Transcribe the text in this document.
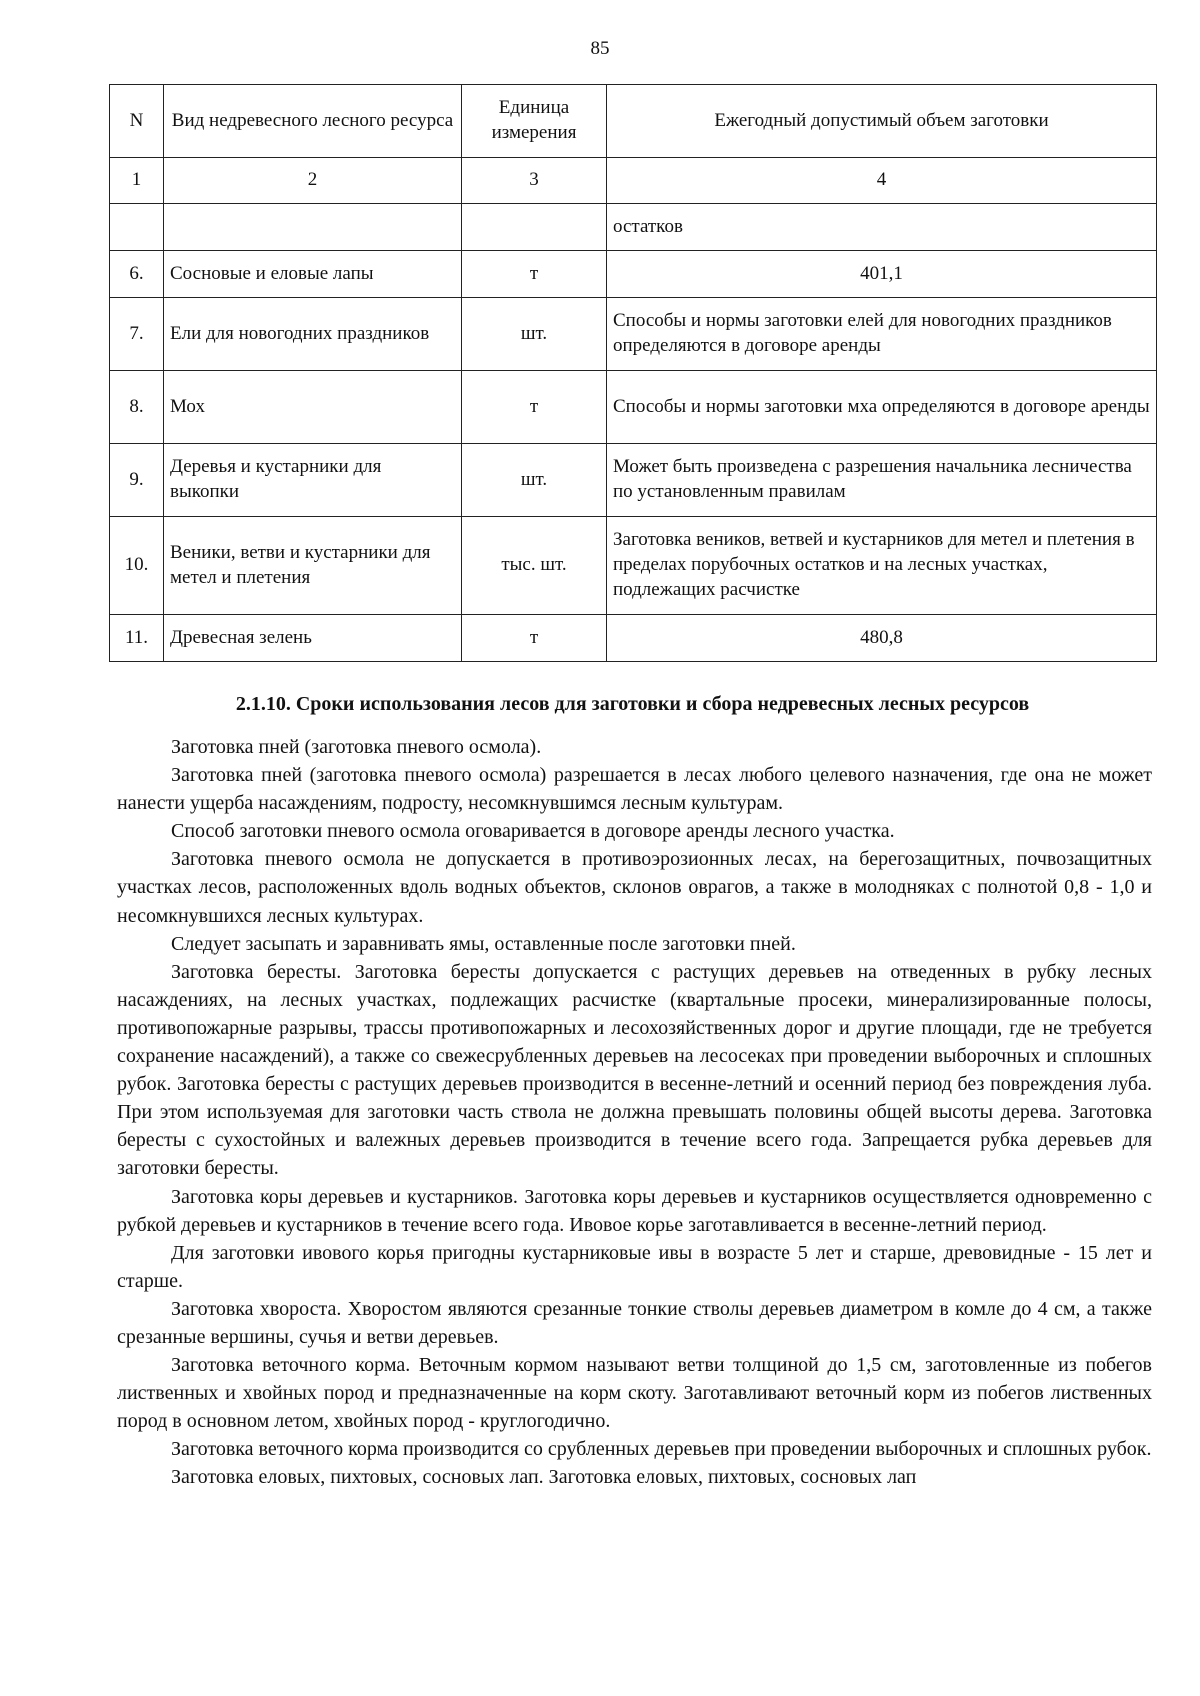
85
N	Вид недревесного лесного ресурса	Единица измерения	Ежегодный допустимый объем заготовки
1	2	3	4
			остатков
6.	Сосновые и еловые лапы	т	401,1
7.	Ели для новогодних праздников	шт.	Способы и нормы заготовки елей для новогодних праздников определяются в договоре аренды
8.	Мох	т	Способы и нормы заготовки мха определяются в договоре аренды
9.	Деревья и кустарники для выкопки	шт.	Может быть произведена с разрешения начальника лесничества по установленным правилам
10.	Веники, ветви и кустарники для метел и плетения	тыс. шт.	Заготовка веников, ветвей и кустарников для метел и плетения в пределах порубочных остатков и на лесных участках, подлежащих расчистке
11.	Древесная зелень	т	480,8
2.1.10. Сроки использования лесов для заготовки и сбора недревесных лесных ресурсов

Заготовка пней (заготовка пневого осмола).

Заготовка пней (заготовка пневого осмола) разрешается в лесах любого целевого назначения, где она не может нанести ущерба насаждениям, подросту, несомкнувшимся лесным культурам.

Способ заготовки пневого осмола оговаривается в договоре аренды лесного участка.

Заготовка пневого осмола не допускается в противоэрозионных лесах, на берегозащитных, почвозащитных участках лесов, расположенных вдоль водных объектов, склонов оврагов, а также в молодняках с полнотой 0,8 - 1,0 и несомкнувшихся лесных культурах.

Следует засыпать и заравнивать ямы, оставленные после заготовки пней.

Заготовка бересты. Заготовка бересты допускается с растущих деревьев на отведенных в рубку лесных насаждениях, на лесных участках, подлежащих расчистке (квартальные просеки, минерализированные полосы, противопожарные разрывы, трассы противопожарных и лесохозяйственных дорог и другие площади, где не требуется сохранение насаждений), а также со свежесрубленных деревьев на лесосеках при проведении выборочных и сплошных рубок. Заготовка бересты с растущих деревьев производится в весенне-летний и осенний период без повреждения луба. При этом используемая для заготовки часть ствола не должна превышать половины общей высоты дерева. Заготовка бересты с сухостойных и валежных деревьев производится в течение всего года. Запрещается рубка деревьев для заготовки бересты.

Заготовка коры деревьев и кустарников. Заготовка коры деревьев и кустарников осуществляется одновременно с рубкой деревьев и кустарников в течение всего года. Ивовое корье заготавливается в весенне-летний период.

Для заготовки ивового корья пригодны кустарниковые ивы в возрасте 5 лет и старше, древовидные - 15 лет и старше.

Заготовка хвороста. Хворостом являются срезанные тонкие стволы деревьев диаметром в комле до 4 см, а также срезанные вершины, сучья и ветви деревьев.

Заготовка веточного корма. Веточным кормом называют ветви толщиной до 1,5 см, заготовленные из побегов лиственных и хвойных пород и предназначенные на корм скоту. Заготавливают веточный корм из побегов лиственных пород в основном летом, хвойных пород - круглогодично.

Заготовка веточного корма производится со срубленных деревьев при проведении выборочных и сплошных рубок.

Заготовка еловых, пихтовых, сосновых лап. Заготовка еловых, пихтовых, сосновых лап
